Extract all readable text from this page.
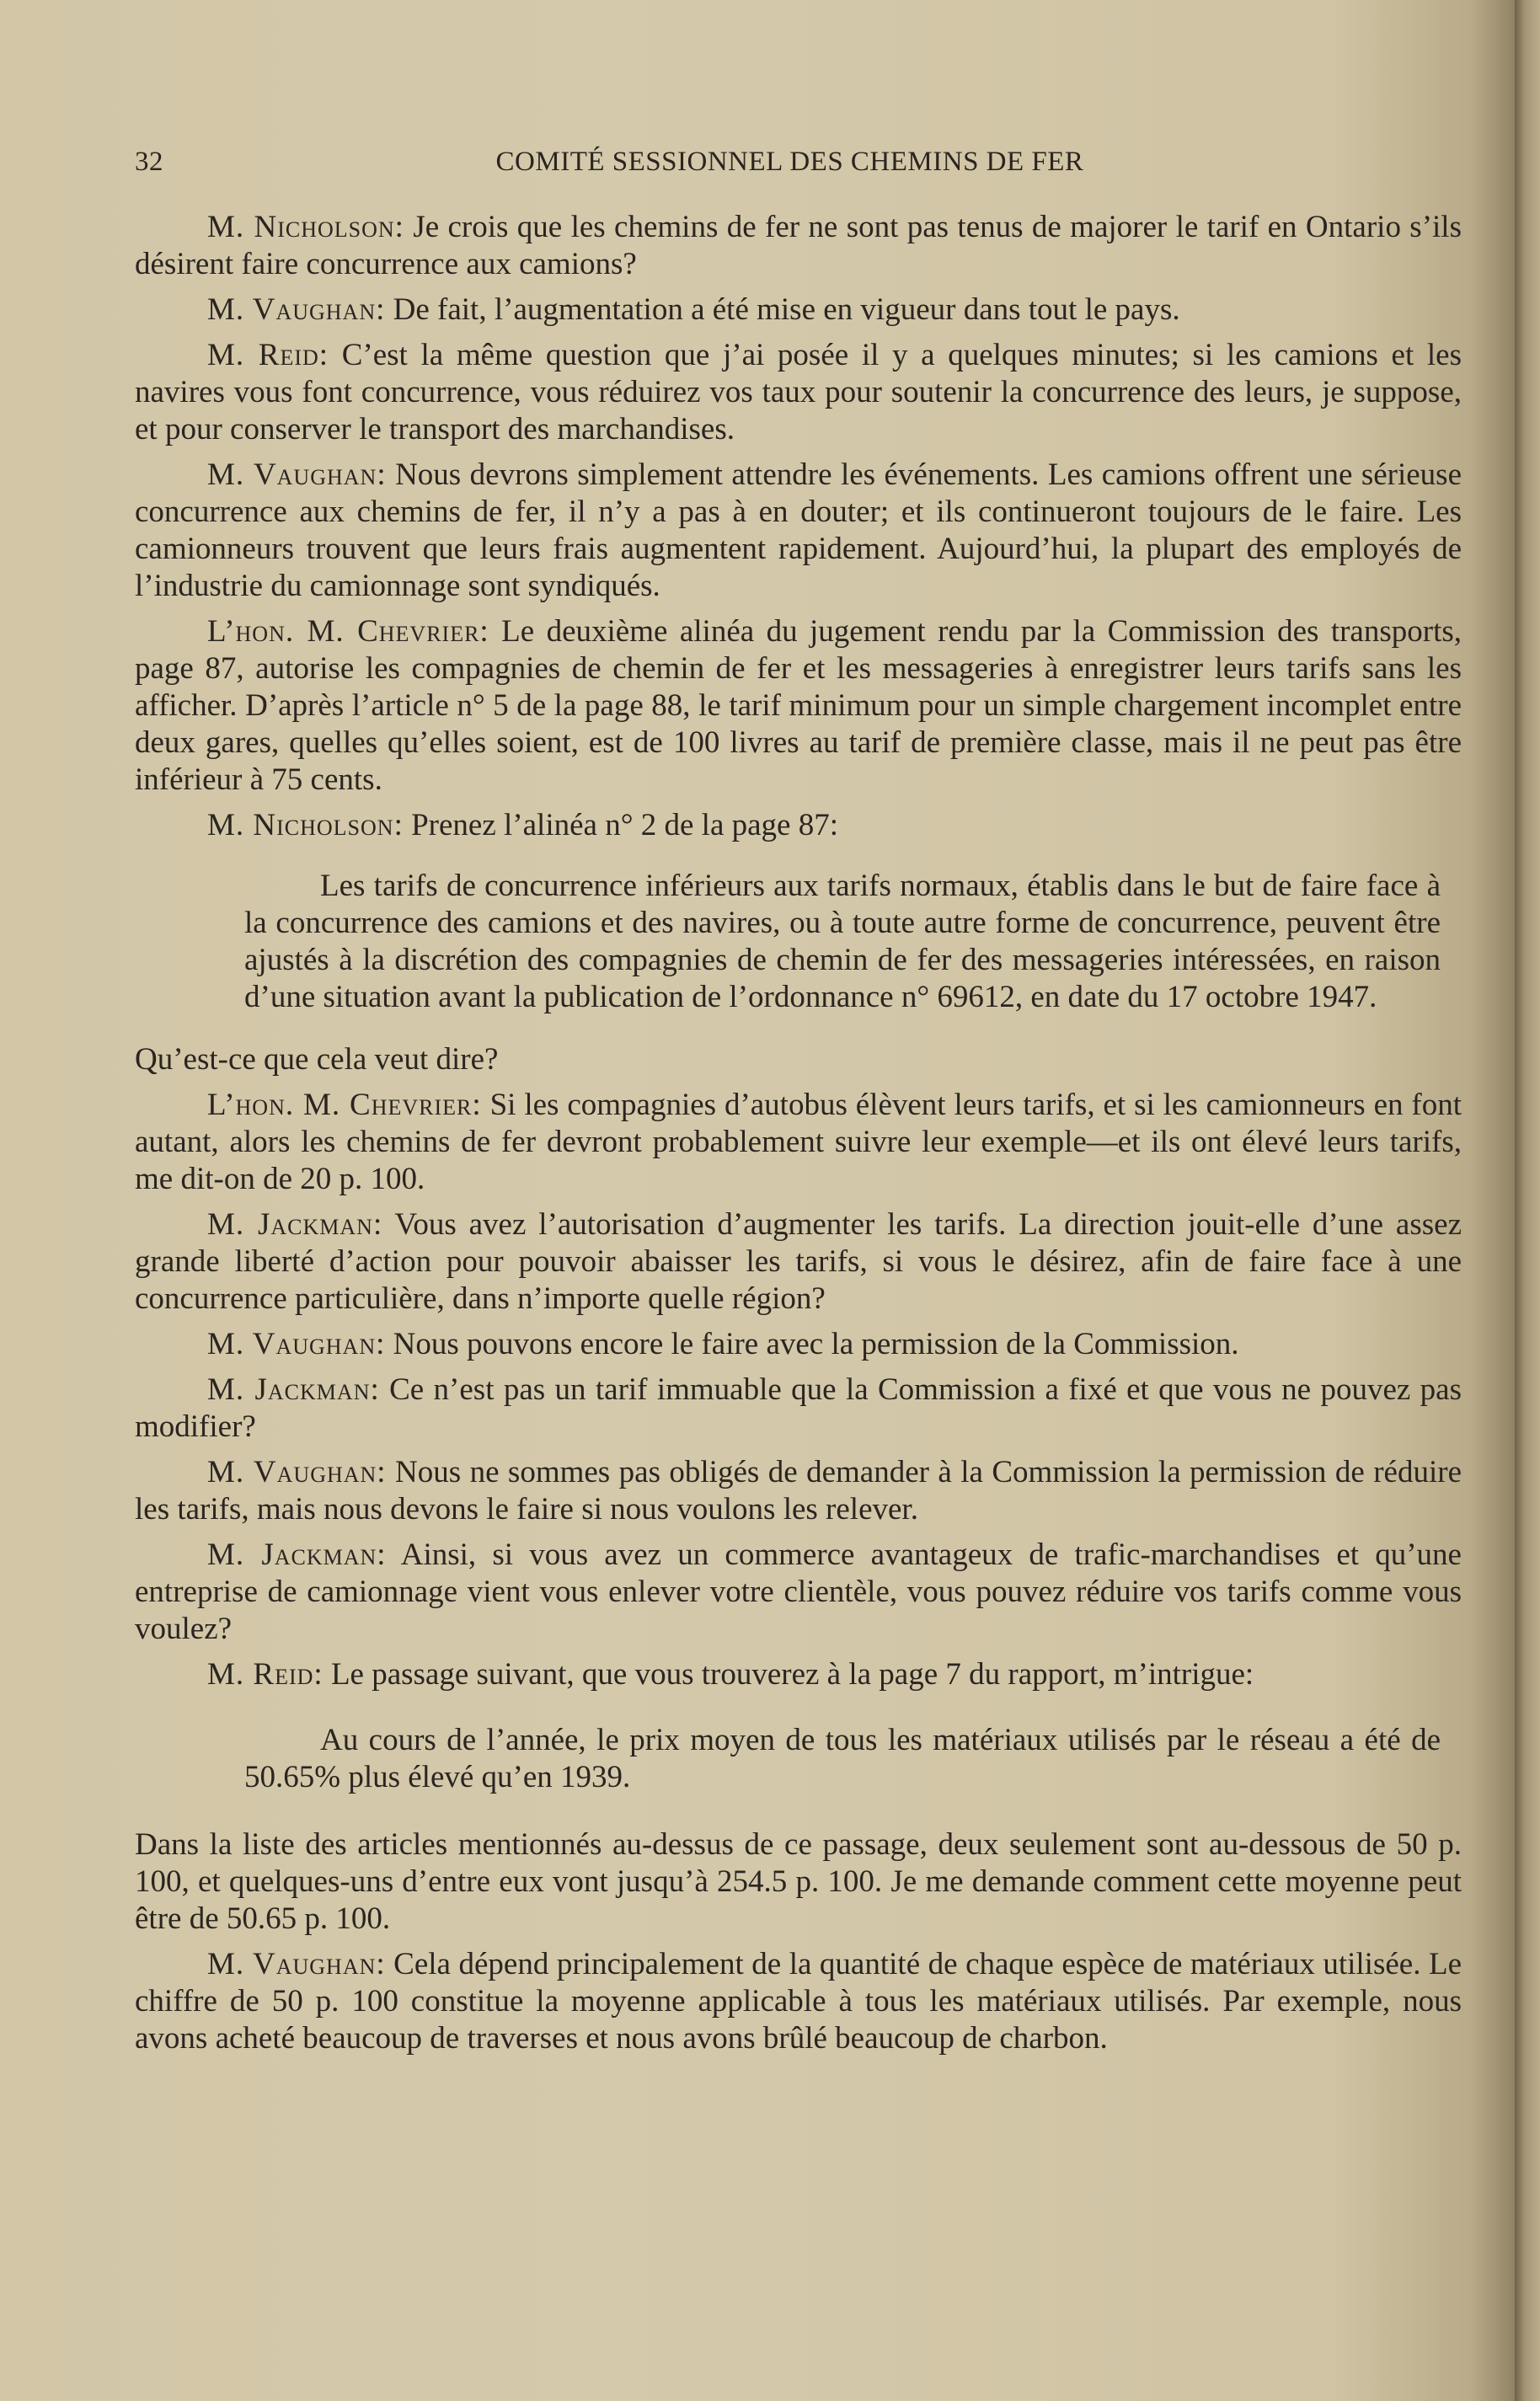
32	COMITÉ SESSIONNEL DES CHEMINS DE FER

M. Nicholson: Je crois que les chemins de fer ne sont pas tenus de majorer le tarif en Ontario s’ils désirent faire concurrence aux camions?

M. Vaughan: De fait, l’augmentation a été mise en vigueur dans tout le pays.

M. Reid: C’est la même question que j’ai posée il y a quelques minutes; si les camions et les navires vous font concurrence, vous réduirez vos taux pour soutenir la concurrence des leurs, je suppose, et pour conserver le transport des marchandises.

M. Vaughan: Nous devrons simplement attendre les événements. Les camions offrent une sérieuse concurrence aux chemins de fer, il n’y a pas à en douter; et ils continueront toujours de le faire. Les camionneurs trouvent que leurs frais augmentent rapidement. Aujourd’hui, la plupart des employés de l’industrie du camionnage sont syndiqués.

L’hon. M. Chevrier: Le deuxième alinéa du jugement rendu par la Commission des transports, page 87, autorise les compagnies de chemin de fer et les messageries à enregistrer leurs tarifs sans les afficher. D’après l’article n° 5 de la page 88, le tarif minimum pour un simple chargement incomplet entre deux gares, quelles qu’elles soient, est de 100 livres au tarif de première classe, mais il ne peut pas être inférieur à 75 cents.

M. Nicholson: Prenez l’alinéa n° 2 de la page 87:

Les tarifs de concurrence inférieurs aux tarifs normaux, établis dans le but de faire face à la concurrence des camions et des navires, ou à toute autre forme de concurrence, peuvent être ajustés à la discrétion des compagnies de chemin de fer des messageries intéressées, en raison d’une situation avant la publication de l’ordonnance n° 69612, en date du 17 octobre 1947.

Qu’est-ce que cela veut dire?

L’hon. M. Chevrier: Si les compagnies d’autobus élèvent leurs tarifs, et si les camionneurs en font autant, alors les chemins de fer devront probablement suivre leur exemple—et ils ont élevé leurs tarifs, me dit-on de 20 p. 100.

M. Jackman: Vous avez l’autorisation d’augmenter les tarifs. La direction jouit-elle d’une assez grande liberté d’action pour pouvoir abaisser les tarifs, si vous le désirez, afin de faire face à une concurrence particulière, dans n’importe quelle région?

M. Vaughan: Nous pouvons encore le faire avec la permission de la Commission.

M. Jackman: Ce n’est pas un tarif immuable que la Commission a fixé et que vous ne pouvez pas modifier?

M. Vaughan: Nous ne sommes pas obligés de demander à la Commission la permission de réduire les tarifs, mais nous devons le faire si nous voulons les relever.

M. Jackman: Ainsi, si vous avez un commerce avantageux de trafic-marchandises et qu’une entreprise de camionnage vient vous enlever votre clientèle, vous pouvez réduire vos tarifs comme vous voulez?

M. Reid: Le passage suivant, que vous trouverez à la page 7 du rapport, m’intrigue:

Au cours de l’année, le prix moyen de tous les matériaux utilisés par le réseau a été de 50.65% plus élevé qu’en 1939.

Dans la liste des articles mentionnés au-dessus de ce passage, deux seulement sont au-dessous de 50 p. 100, et quelques-uns d’entre eux vont jusqu’à 254.5 p. 100. Je me demande comment cette moyenne peut être de 50.65 p. 100.

M. Vaughan: Cela dépend principalement de la quantité de chaque espèce de matériaux utilisée. Le chiffre de 50 p. 100 constitue la moyenne applicable à tous les matériaux utilisés. Par exemple, nous avons acheté beaucoup de traverses et nous avons brûlé beaucoup de charbon.
